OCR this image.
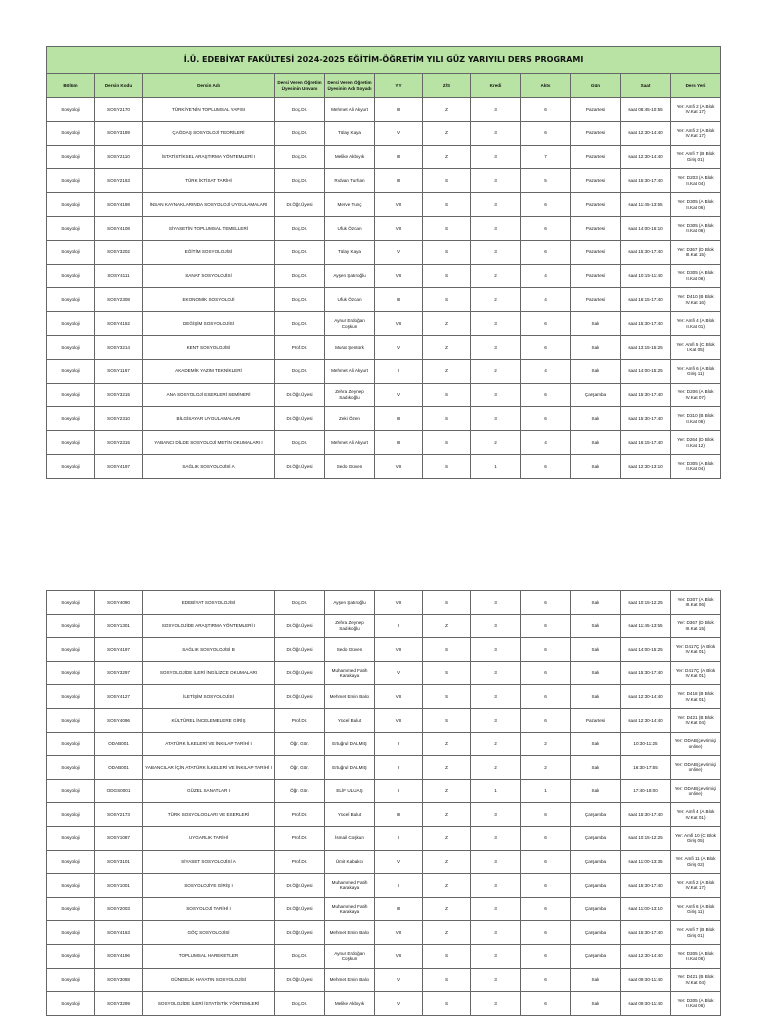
İ.Ü. EDEBİYAT FAKÜLTESİ 2024-2025 EĞİTİM-ÖĞRETİM YILI GÜZ YARIYILI DERS PROGRAMI											
Bölüm	Dersin Kodu	Dersin Adı	Dersi Veren Öğretim Üyesinin Unvanı	Dersi Veren Öğretim Üyesinin Adı Soyadı	YY	Z/S	Kredi	Akts	Gün	Saat	Ders Yeri
Sosyoloji	SOSY2170	TÜRKİYE'NİN TOPLUMSAL YAPISI	Doç.Dr.	Mehmet Ali Akyurt	III	Z	3	6	Pazartesi	saat 08:45-10:55	Yer: Amfi 2 (A Blok IV.Kat 17)
Sosyoloji	SOSY3189	ÇAĞDAŞ SOSYOLOJİ TEORİLERİ	Doç.Dr.	Tülay Kaya	V	Z	3	6	Pazartesi	saat 12:30-14:40	Yer: Amfi 2 (A Blok IV.Kat 17)
Sosyoloji	SOSY2110	İSTATİSTİKSEL ARAŞTIRMA YÖNTEMLERİ I	Doç.Dr.	Melike Akbıyık	III	Z	3	7	Pazartesi	saat 12:30-14:40	Yer: Amfi 7 (B Blok Giriş 01)
Sosyoloji	SOSY2163	TÜRK İKTİSAT TARİHİ	Doç.Dr.	Rıdvan Turhan	III	S	3	5	Pazartesi	saat 15:30-17:40	Yer: D203 (A Blok II.Kat 04)
Sosyoloji	SOSY4198	İNSAN KAYNAKLARINDA SOSYOLOJİ UYGULAMALARI	Dr.Öğr.Üyesi	Merve Tunç	VII	S	3	6	Pazartesi	saat 11:45-13:55	Yer: D305 (A Blok II.Kat 06)
Sosyoloji	SOSY4108	SİYASETİN TOPLUMSAL TEMELLERİ	Doç.Dr.	Ufuk Özcan	VII	S	3	6	Pazartesi	saat 14:00-16:10	Yer: D305 (A Blok II.Kat 06)
Sosyoloji	SOSY3202	EĞİTİM SOSYOLOJİSİ	Doç.Dr.	Tülay Kaya	V	S	3	6	Pazartesi	saat 15:30-17:40	Yer: D367 (D Blok III.Kat 15)
Sosyoloji	SOSY4111	SANAT SOSYOLOJİSİ	Doç.Dr.	Ayşen Şatıroğlu	VII	S	2	4	Pazartesi	saat 10:15-11:40	Yer: D305 (A Blok II.Kat 06)
Sosyoloji	SOSY2308	EKONOMİK SOSYOLOJİ	Doç.Dr.	Ufuk Özcan	III	S	2	4	Pazartesi	saat 16:15-17:40	Yer: D410 (B Blok IV.Kat 16)
Sosyoloji	SOSY4152	DEĞİŞİM SOSYOLOJİSİ	Doç.Dr.	Aynur Erdoğan Coşkun	VII	Z	3	6	Salı	saat 15:30-17:40	Yer: Amfi 4 (A Blok II.Kat 01)
Sosyoloji	SOSY3214	KENT SOSYOLOJİSİ	Prof.Dr.	Murat Şentürk	V	Z	3	6	Salı	saat 13:15-15:25	Yer: Amfi 5 (C Blok I.Kat 05)
Sosyoloji	SOSY1167	AKADEMİK YAZIM TEKNİKLERİ	Doç.Dr.	Mehmet Ali Akyurt	I	Z	2	4	Salı	saat 14:00-15:25	Yer: Amfi 6 (A Blok Giriş 11)
Sosyoloji	SOSY3215	ANA SOSYOLOJİ ESERLERİ SEMİNERİ	Dr.Öğr.Üyesi	Zehra Zeynep Sadıkoğlu	V	S	3	6	Çarşamba	saat 15:30-17:40	Yer: D206 (A Blok IV.Kat 07)
Sosyoloji	SOSY2310	BİLGİSAYAR UYGULAMALARI	Dr.Öğr.Üyesi	Zeki Özen	III	S	3	6	Salı	saat 15:30-17:40	Yer: D310 (B Blok II.Kat 06)
Sosyoloji	SOSY2315	YABANCI DİLDE SOSYOLOJİ METİN OKUMALARI I	Doç.Dr.	Mehmet Ali Akyurt	III	S	2	4	Salı	saat 16:15-17:40	Yer: D264 (D Blok II.Kat 12)
Sosyoloji	SOSY4197	SAĞLIK SOSYOLOJİSİ A	Dr.Öğr.Üyesi	Sedo Güven	VII	S	1	6	Salı	saat 12:30-13:10	Yer: D305 (A Blok II.Kat 04)
Sosyoloji	SOSY4090	EDEBİYAT SOSYOLOJİSİ	Doç.Dr.	Ayşen Şatıroğlu	VII	S	3	6	Salı	saat 10:15-12:25	Yer: D307 (A Blok III.Kat 06)
Sosyoloji	SOSY1301	SOSYOLOJİDE ARAŞTIRMA YÖNTEMLERİ I	Dr.Öğr.Üyesi	Zehra Zeynep Sadıkoğlu	I	Z	3	6	Salı	saat 11:45-13:55	Yer: D367 (D Blok III.Kat 15)
Sosyoloji	SOSY4197	SAĞLIK SOSYOLOJİSİ B	Dr.Öğr.Üyesi	Sedo Güven	VII	S	3	6	Salı	saat 14:00-15:25	Yer: D417Ç (A Blok IV.Kat 01)
Sosyoloji	SOSY3297	SOSYOLOJİDE İLERİ İNGİLİZCE OKUMALARI	Dr.Öğr.Üyesi	Muhammed Fatih Karakaya	V	S	3	6	Salı	saat 15:30-17:40	Yer: D417Ç (A Blok IV.Kat 01)
Sosyoloji	SOSY4127	İLETİŞİM SOSYOLOJİSİ	Dr.Öğr.Üyesi	Mehmet Emin Balcı	VII	S	3	6	Salı	saat 12:30-14:40	Yer: D418 (B Blok IV.Kat 01)
Sosyoloji	SOSY4096	KÜLTÜREL İNCELEMELERE GİRİŞ	Prof.Dr.	Yücel Bulut	VII	S	3	6	Pazartesi	saat 12:30-14:40	Yer: D421 (B Blok IV.Kat 04)
Sosyoloji	ODAB001	ATATÜRK İLKELERİ VE İNKILAP TARİHİ I	Öğr. Gör.	Ertuğrul DALMIŞ	I	Z	2	2	Salı	10:30-11:25	Yer: ODAB(çevrimiçi online)
Sosyoloji	ODAB001	YABANCILAR İÇİN ATATÜRK İLKELERİ VE İNKILAP TARİHİ I	Öğr. Gör.	Ertuğrul DALMIŞ	I	Z	2	2	Salı	16:30-17:55	Yer: ODAB(çevrimiçi online)
Sosyoloji	ODGS0001	GÜZEL SANATLAR I	Öğr. Gör.	ELİF ULUAŞ	I	Z	1	1	Salı	17:40-18:00	Yer: ODAB(çevrimiçi online)
Sosyoloji	SOSY2173	TÜRK SOSYOLOGLARI VE ESERLERİ	Prof.Dr.	Yücel Bulut	III	Z	3	6	Çarşamba	saat 15:30-17:40	Yer: Amfi 4 (A Blok IV.Kat 01)
Sosyoloji	SOSY1087	UYGARLIK TARİHİ	Prof.Dr.	İsmail Coşkun	I	Z	3	6	Çarşamba	saat 10:15-12:25	Yer: Amfi 10 (C Blok Giriş 05)
Sosyoloji	SOSY3101	SİYASET SOSYOLOJİSİ A	Prof.Dr.	Ümit Kabakcı	V	Z	3	6	Çarşamba	saat 11:00-13:35	Yer: Amfi 11 (A Blok Giriş 02)
Sosyoloji	SOSY1001	SOSYOLOJİYE GİRİŞ I	Dr.Öğr.Üyesi	Muhammed Fatih Karakaya	I	Z	3	6	Çarşamba	saat 15:30-17:40	Yer: Amfi 2 (A Blok IV.Kat 17)
Sosyoloji	SOSY2003	SOSYOLOJİ TARİHİ I	Dr.Öğr.Üyesi	Muhammed Fatih Karakaya	III	Z	3	6	Çarşamba	saat 11:00-13:10	Yer: Amfi 6 (A Blok Giriş 11)
Sosyoloji	SOSY4163	GÖÇ SOSYOLOJİSİ	Dr.Öğr.Üyesi	Mehmet Emin Balcı	VII	Z	3	6	Çarşamba	saat 15:30-17:40	Yer: Amfi 7 (B Blok Giriş 01)
Sosyoloji	SOSY4196	TOPLUMSAL HAREKETLER	Doç.Dr.	Aynur Erdoğan Coşkun	VII	S	3	6	Çarşamba	saat 12:30-14:40	Yer: D305 (A Blok II.Kat 06)
Sosyoloji	SOSY3088	GÜNDELİK HAYATIN SOSYOLOJİSİ	Dr.Öğr.Üyesi	Mehmet Emin Balcı	V	S	3	6	Salı	saat 09:30-11:40	Yer: D421 (B Blok IV.Kat 04)
Sosyoloji	SOSY3299	SOSYOLOJİDE İLERİ İSTATİSTİK YÖNTEMLERİ	Doç.Dr.	Melike Akbıyık	V	S	3	6	Salı	saat 09:30-11:40	Yer: D305 (A Blok II.Kat 06)
